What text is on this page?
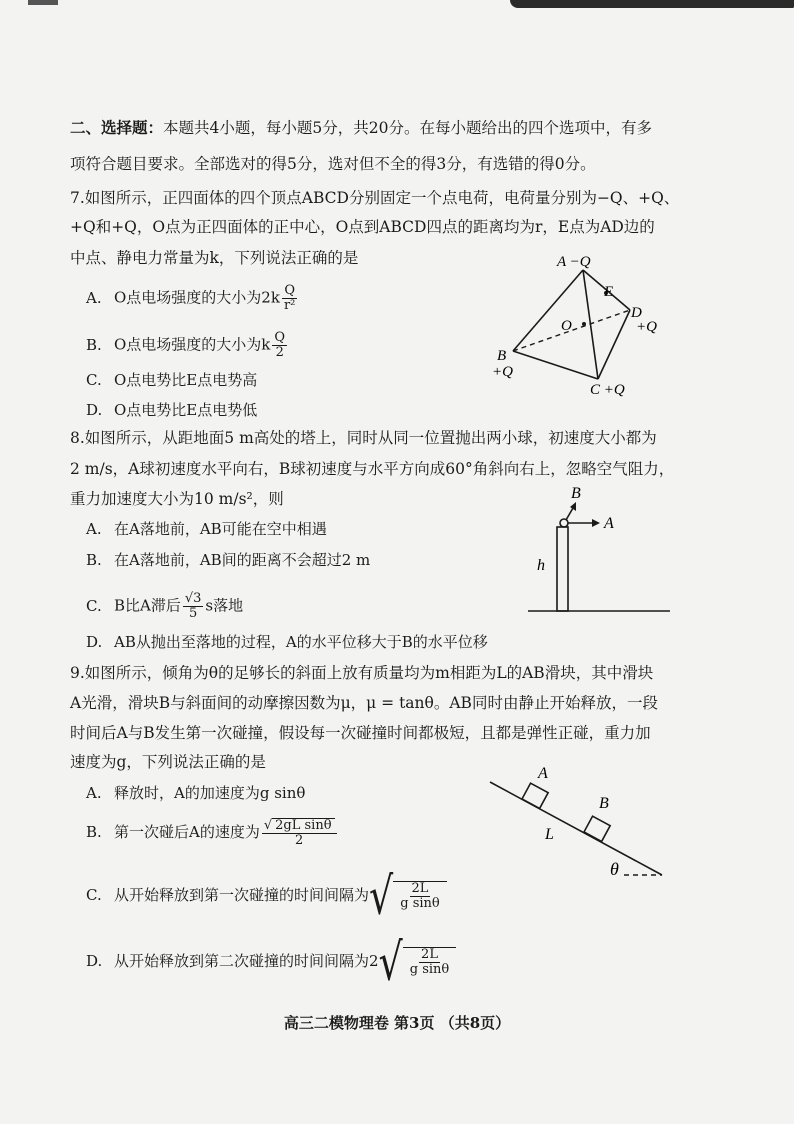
二、选择题：本题共4小题，每小题5分，共20分。在每小题给出的四个选项中，有多
项符合题目要求。全部选对的得5分，选对但不全的得3分，有选错的得0分。
7.如图所示，正四面体的四个顶点ABCD分别固定一个点电荷，电荷量分别为−Q、+Q、
+Q和+Q，O点为正四面体的正中心，O点到ABCD四点的距离均为r，E点为AD边的
中点、静电力常量为k，下列说法正确的是
A. O点电场强度的大小为$2k \frac{Q}{\text{r²}}$
B. O点电场强度的大小为k $\frac{Q}{2}$
C. O点电势比E点电势高
D. O点电势比E点电势低
A −Q
E
D
+Q
O
B
+Q
C +Q
8.如图所示，从距地面5 m高处的塔上，同时从同一位置抛出两小球，初速度大小都为
2 m/s，A球初速度水平向右，B球初速度与水平方向成60°角斜向右上，忽略空气阻力，
重力加速度大小为10 m/s²，则
A. 在A落地前，AB可能在空中相遇
B. 在A落地前，AB间的距离不会超过2 m
C. B比A滞后 $\frac{√3}{5}$ s落地
D. AB从抛出至落地的过程，A的水平位移大于B的水平位移
B
A
h
9.如图所示，倾角为θ的足够长的斜面上放有质量均为m相距为L的AB滑块，其中滑块
A光滑，滑块B与斜面间的动摩擦因数为μ，μ = tanθ。AB同时由静止开始释放，一段
时间后A与B发生第一次碰撞，假设每一次碰撞时间都极短，且都是弹性正碰，重力加
速度为g，下列说法正确的是
A. 释放时，A的加速度为g sinθ
B. 第一次碰后A的速度为 $\frac{\text{√ 2gL sinθ}}{2}$
C. 从开始释放到第一次碰撞的时间间隔为 √ $\frac{2L}{\text{g sinθ}}$
D. 从开始释放到第二次碰撞的时间间隔为2 √ $\frac{2L}{\text{g sinθ}}$
A
B
L
θ
高三二模物理卷 第3页 （共8页）
